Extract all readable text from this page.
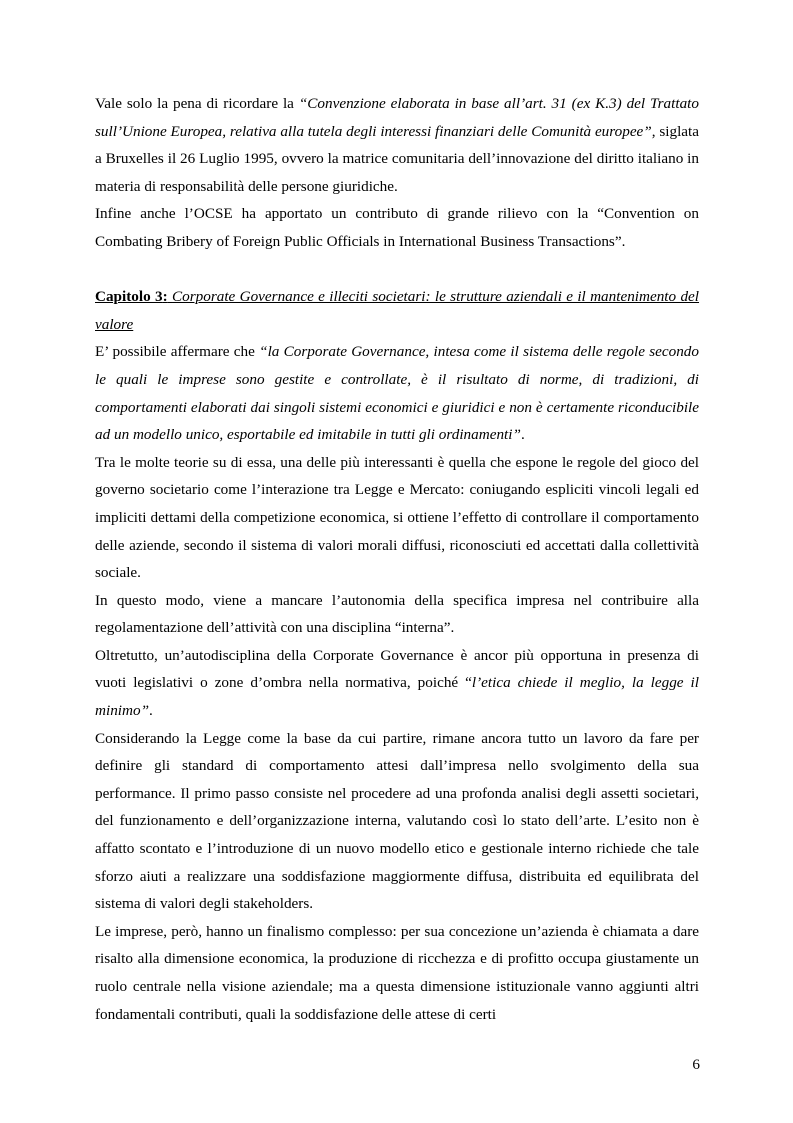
Vale solo la pena di ricordare la “Convenzione elaborata in base all’art. 31 (ex K.3) del Trattato sull’Unione Europea, relativa alla tutela degli interessi finanziari delle Comunità europee”, siglata a Bruxelles il 26 Luglio 1995, ovvero la matrice comunitaria dell’innovazione del diritto italiano in materia di responsabilità delle persone giuridiche.

Infine anche l’OCSE ha apportato un contributo di grande rilievo con la “Convention on Combating Bribery of Foreign Public Officials in International Business Transactions”.

Capitolo 3: Corporate Governance e illeciti societari: le strutture aziendali e il mantenimento del valore

E’ possibile affermare che “la Corporate Governance, intesa come il sistema delle regole secondo le quali le imprese sono gestite e controllate, è il risultato di norme, di tradizioni, di comportamenti elaborati dai singoli sistemi economici e giuridici e non è certamente riconducibile ad un modello unico, esportabile ed imitabile in tutti gli ordinamenti”.

Tra le molte teorie su di essa, una delle più interessanti è quella che espone le regole del gioco del governo societario come l’interazione tra Legge e Mercato: coniugando espliciti vincoli legali ed impliciti dettami della competizione economica, si ottiene l’effetto di controllare il comportamento delle aziende, secondo il sistema di valori morali diffusi, riconosciuti ed accettati dalla collettività sociale.

In questo modo, viene a mancare l’autonomia della specifica impresa nel contribuire alla regolamentazione dell’attività con una disciplina “interna”.

Oltretutto, un’autodisciplina della Corporate Governance è ancor più opportuna in presenza di vuoti legislativi o zone d’ombra nella normativa, poiché “l’etica chiede il meglio, la legge il minimo”.

Considerando la Legge come la base da cui partire, rimane ancora tutto un lavoro da fare per definire gli standard di comportamento attesi dall’impresa nello svolgimento della sua performance. Il primo passo consiste nel procedere ad una profonda analisi degli assetti societari, del funzionamento e dell’organizzazione interna, valutando così lo stato dell’arte. L’esito non è affatto scontato e l’introduzione di un nuovo modello etico e gestionale interno richiede che tale sforzo aiuti a realizzare una soddisfazione maggiormente diffusa, distribuita ed equilibrata del sistema di valori degli stakeholders.

Le imprese, però, hanno un finalismo complesso: per sua concezione un’azienda è chiamata a dare risalto alla dimensione economica, la produzione di ricchezza e di profitto occupa giustamente un ruolo centrale nella visione aziendale; ma a questa dimensione istituzionale vanno aggiunti altri fondamentali contributi, quali la soddisfazione delle attese di certi

6
